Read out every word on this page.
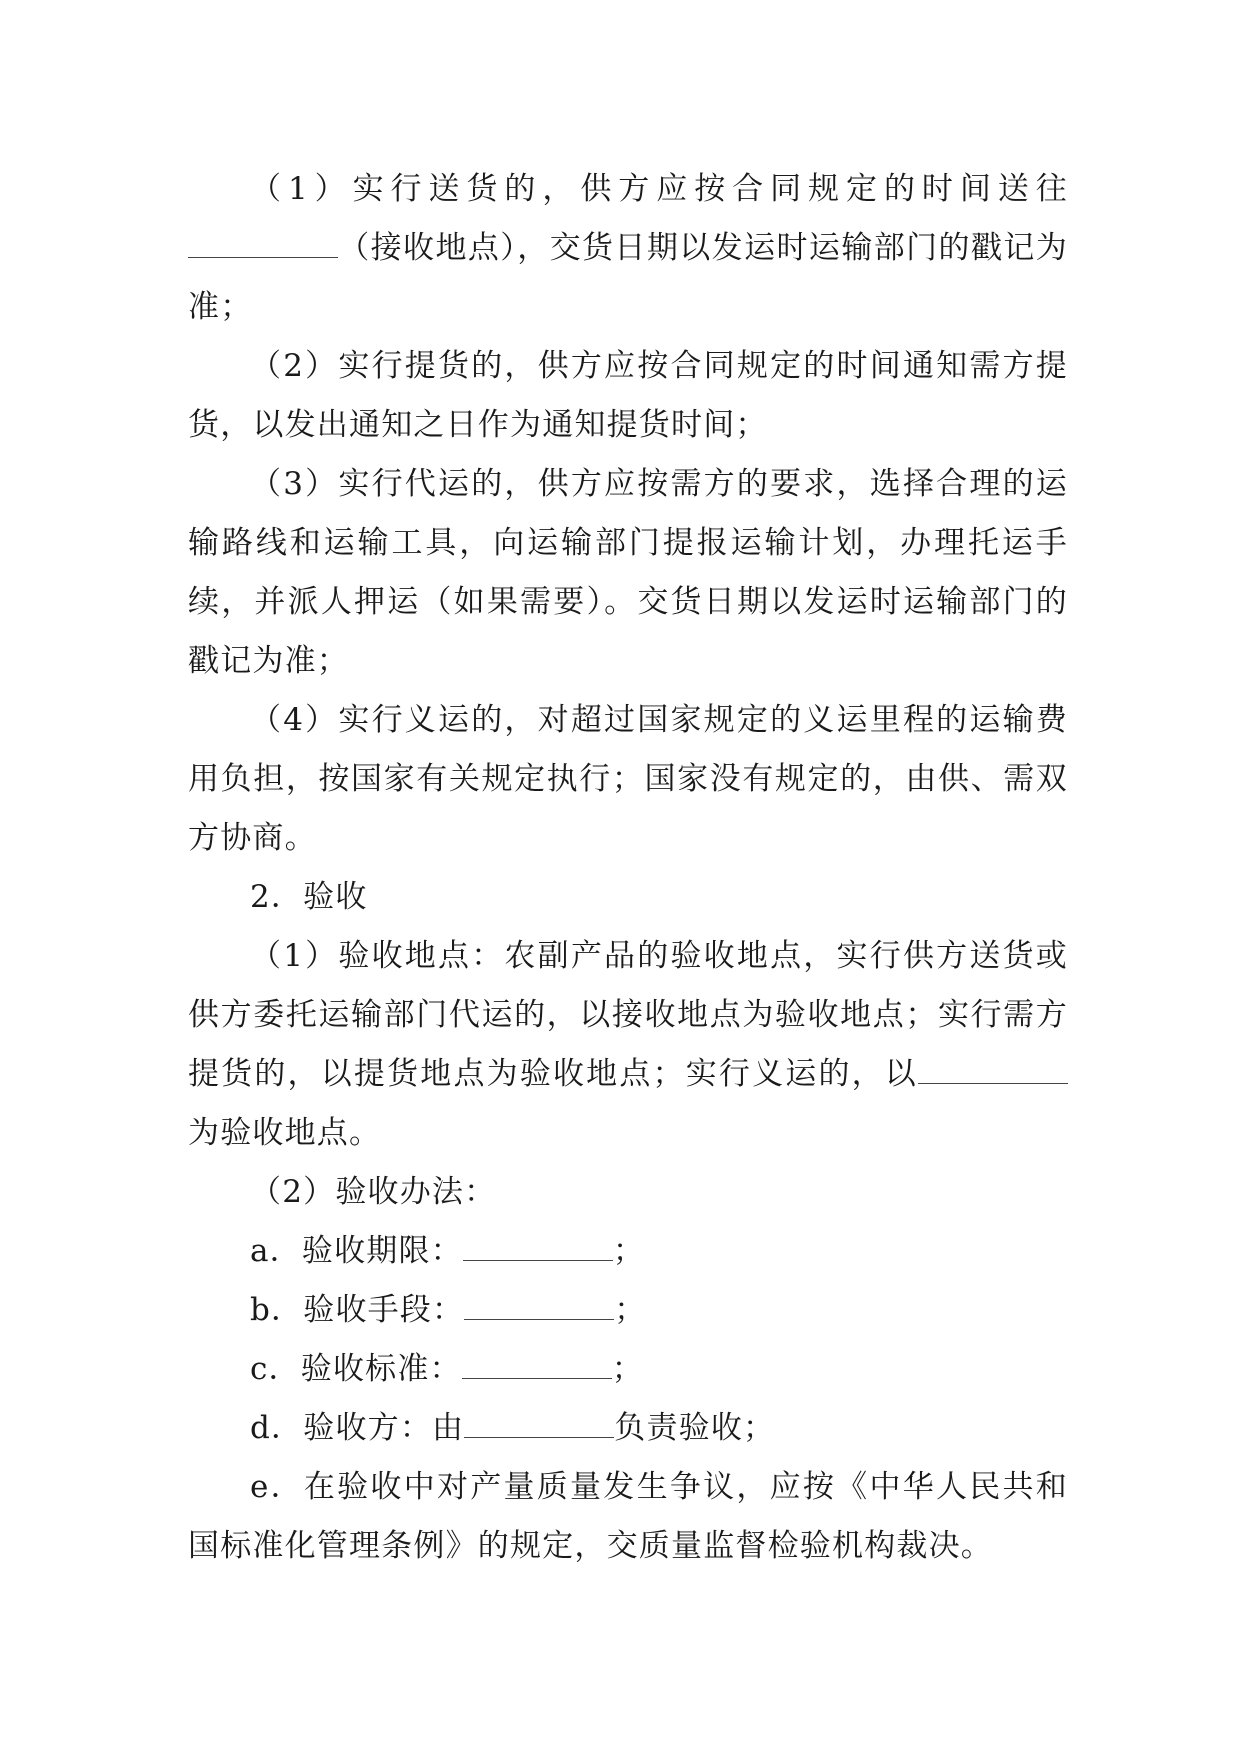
（1）实行送货的，供方应按合同规定的时间送往（接收地点），交货日期以发运时运输部门的戳记为准；

（2）实行提货的，供方应按合同规定的时间通知需方提货，以发出通知之日作为通知提货时间；

（3）实行代运的，供方应按需方的要求，选择合理的运输路线和运输工具，向运输部门提报运输计划，办理托运手续，并派人押运（如果需要）。交货日期以发运时运输部门的戳记为准；

（4）实行义运的，对超过国家规定的义运里程的运输费用负担，按国家有关规定执行；国家没有规定的，由供、需双方协商。

2．验收

（1）验收地点：农副产品的验收地点，实行供方送货或供方委托运输部门代运的，以接收地点为验收地点；实行需方提货的，以提货地点为验收地点；实行义运的，以为验收地点。

（2）验收办法：

a．验收期限：	；

b．验收手段：	；

c．验收标准：	；

d．验收方：由	负责验收；

e．在验收中对产量质量发生争议，应按《中华人民共和国标准化管理条例》的规定，交质量监督检验机构裁决。
